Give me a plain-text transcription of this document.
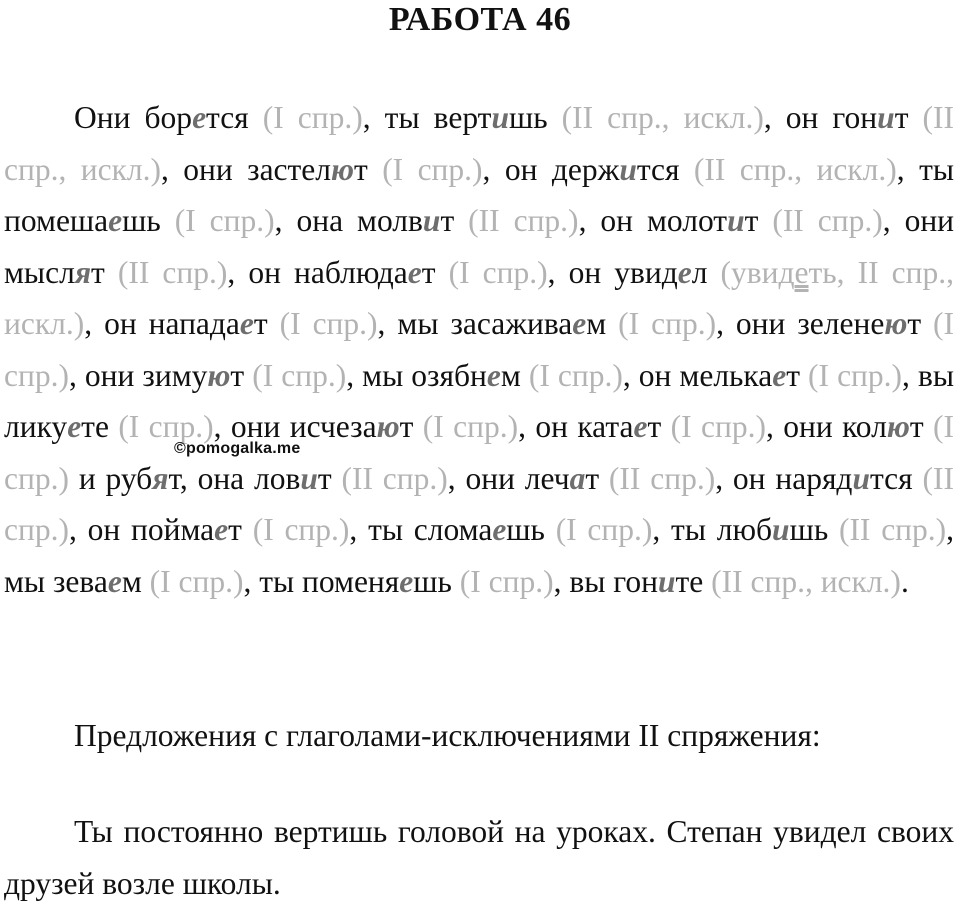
РАБОТА 46

Они борется (I спр.), ты вертишь (II спр., искл.), он гонит (II спр., искл.), они застелют (I спр.), он держится (II спр., искл.), ты помешаешь (I спр.), она молвит (II спр.), он молотит (II спр.), они мыслят (II спр.), он наблюдает (I спр.), он увидел (увидеть, II спр., искл.), он нападает (I спр.), мы засаживаем (I спр.), они зеленеют (I спр.), они зимуют (I спр.), мы озябнем (I спр.), он мелькает (I спр.), вы ликуете (I спр.), они исчезают (I спр.), он катает (I спр.), они колют (I спр.) и рубят, она ловит (II спр.), они лечат (II спр.), он нарядится (II спр.), он поймает (I спр.), ты сломаешь (I спр.), ты любишь (II спр.), мы зеваем (I спр.), ты поменяешь (I спр.), вы гоните (II спр., искл.).

©pomogalka.me

Предложения с глаголами-исключениями II спряжения:

Ты постоянно вертишь головой на уроках. Степан увидел своих друзей возле школы.
